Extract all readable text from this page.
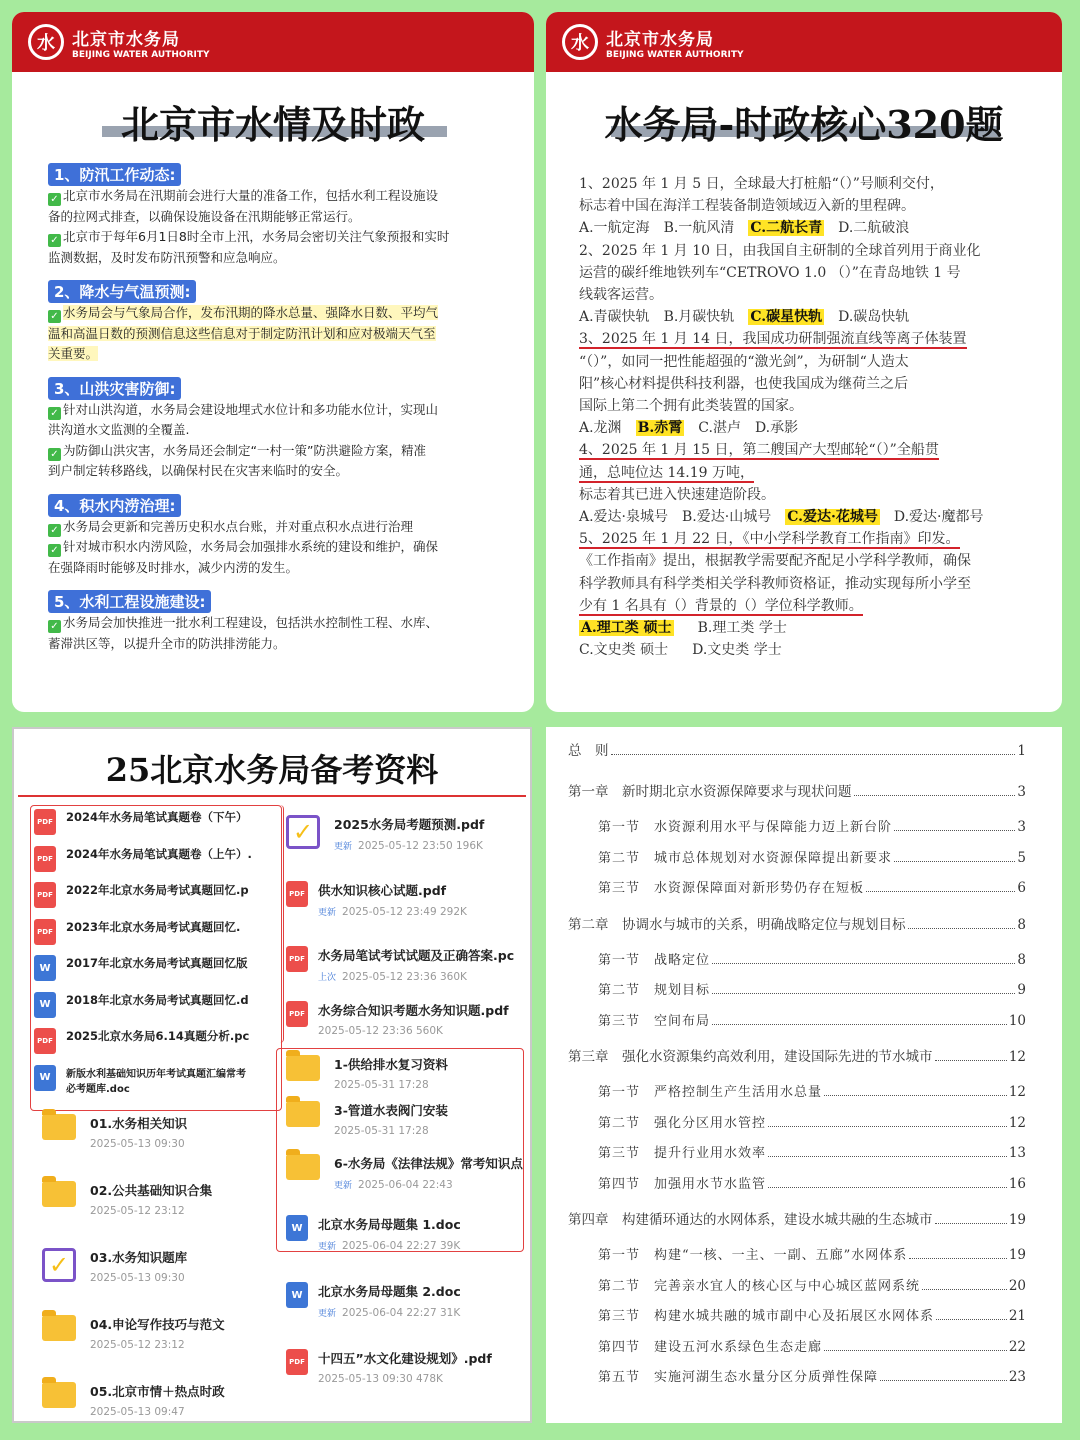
水	北京市水务局
BEIJING WATER AUTHORITY
北京市水情及时政
1、防汛工作动态:
✓ 北京市水务局在汛期前会进行大量的准备工作，包括水利工程设施设
备的拉网式排查，以确保设施设备在汛期能够正常运行。
✓ 北京市于每年6月1日8时全市上汛，水务局会密切关注气象预报和实时
监测数据，及时发布防汛预警和应急响应。
2、降水与气温预测:
✓ 水务局会与气象局合作，发布汛期的降水总量、强降水日数、平均气
温和高温日数的预测信息这些信息对于制定防汛计划和应对极端天气至
关重要。
3、山洪灾害防御:
✓ 针对山洪沟道，水务局会建设地埋式水位计和多功能水位计，实现山
洪沟道水文监测的全覆盖.
✓ 为防御山洪灾害，水务局还会制定“一村一策”防洪避险方案，精准
到户制定转移路线，以确保村民在灾害来临时的安全。
4、积水内涝治理:
✓ 水务局会更新和完善历史积水点台账，并对重点积水点进行治理
✓ 针对城市积水内涝风险，水务局会加强排水系统的建设和维护，确保
在强降雨时能够及时排水，减少内涝的发生。
5、水利工程设施建设:
✓ 水务局会加快推进一批水利工程建设，包括洪水控制性工程、水库、
蓄滞洪区等，以提升全市的防洪排涝能力。
水	北京市水务局
BEIJING WATER AUTHORITY
水务局-时政核心320题
1、2025 年 1 月 5 日，全球最大打桩船“（）”号顺利交付，
标志着中国在海洋工程装备制造领域迈入新的里程碑。
A.一航定海 B.一航风清 C.二航长青 D.二航破浪
2、2025 年 1 月 10 日，由我国自主研制的全球首列用于商业化
运营的碳纤维地铁列车“CETROVO 1.0 （）”在青岛地铁 1 号
线载客运营。
A.青碳快轨 B.月碳快轨 C.碳星快轨 D.碳岛快轨
3、2025 年 1 月 14 日，我国成功研制强流直线等离子体装置
“（）”，如同一把性能超强的“激光剑”，为研制“人造太
阳”核心材料提供科技利器，也使我国成为继荷兰之后
国际上第二个拥有此类装置的国家。
A.龙渊 B.赤霄 C.湛卢 D.承影
4、2025 年 1 月 15 日，第二艘国产大型邮轮“（）”全船贯
通，总吨位达 14.19 万吨，
标志着其已进入快速建造阶段。
A.爱达·泉城号 B.爱达·山城号 C.爱达·花城号 D.爱达·魔都号
5、2025 年 1 月 22 日，《中小学科学教育工作指南》印发。
《工作指南》提出，根据教学需要配齐配足小学科学教师，确保
科学教师具有科学类相关学科教师资格证，推动实现每所小学至
少有 1 名具有（）背景的（）学位科学教师。
A.理工类 硕士 B.理工类 学士
C.文史类 硕士 D.文史类 学士
25北京水务局备考资料
PDF 2024年水务局笔试真题卷（下午）
PDF 2024年水务局笔试真题卷（上午）.
PDF 2022年北京水务局考试真题回忆.p
PDF 2023年北京水务局考试真题回忆.
W	2017年北京水务局考试真题回忆版
W	2018年北京水务局考试真题回忆.d
PDF 2025北京水务局6.14真题分析.pc
W	新版水利基础知识历年考试真题汇编常考
必考题库.doc
01.水务相关知识
2025-05-13 09:30
02.公共基础知识合集
2025-05-12 23:12
✓	03.水务知识题库
2025-05-13 09:30
04.申论写作技巧与范文
2025-05-12 23:12
05.北京市情＋热点时政
2025-05-13 09:47
✓	2025水务局考题预测.pdf
更新 2025-05-12 23:50 196K
PDF 供水知识核心试题.pdf
更新 2025-05-12 23:49 292K
PDF 水务局笔试考试试题及正确答案.pc
上次 2025-05-12 23:36 360K
PDF 水务综合知识考题水务知识题.pdf
2025-05-12 23:36 560K
1-供给排水复习资料
2025-05-31 17:28
3-管道水表阀门安装
2025-05-31 17:28
6-水务局《法律法规》常考知识点
更新 2025-06-04 22:43
W	北京水务局母题集 1.doc
更新 2025-06-04 22:27 39K
W	北京水务局母题集 2.doc
更新 2025-06-04 22:27 31K
PDF 十四五”水文化建设规划》.pdf
2025-05-13 09:30 478K
总　则	1
第一章　新时期北京水资源保障要求与现状问题	3
第一节　水资源利用水平与保障能力迈上新台阶	3
第二节　城市总体规划对水资源保障提出新要求	5
第三节　水资源保障面对新形势仍存在短板	6
第二章　协调水与城市的关系，明确战略定位与规划目标	8
第一节　战略定位	8
第二节　规划目标	9
第三节　空间布局	10
第三章　强化水资源集约高效利用，建设国际先进的节水城市	12
第一节　严格控制生产生活用水总量	12
第二节　强化分区用水管控	12
第三节　提升行业用水效率	13
第四节　加强用水节水监管	16
第四章　构建循环通达的水网体系，建设水城共融的生态城市	19
第一节　构建“一核、一主、一副、五廊”水网体系	19
第二节　完善亲水宜人的核心区与中心城区蓝网系统	20
第三节　构建水城共融的城市副中心及拓展区水网体系	21
第四节　建设五河水系绿色生态走廊	22
第五节　实施河湖生态水量分区分质弹性保障	23
